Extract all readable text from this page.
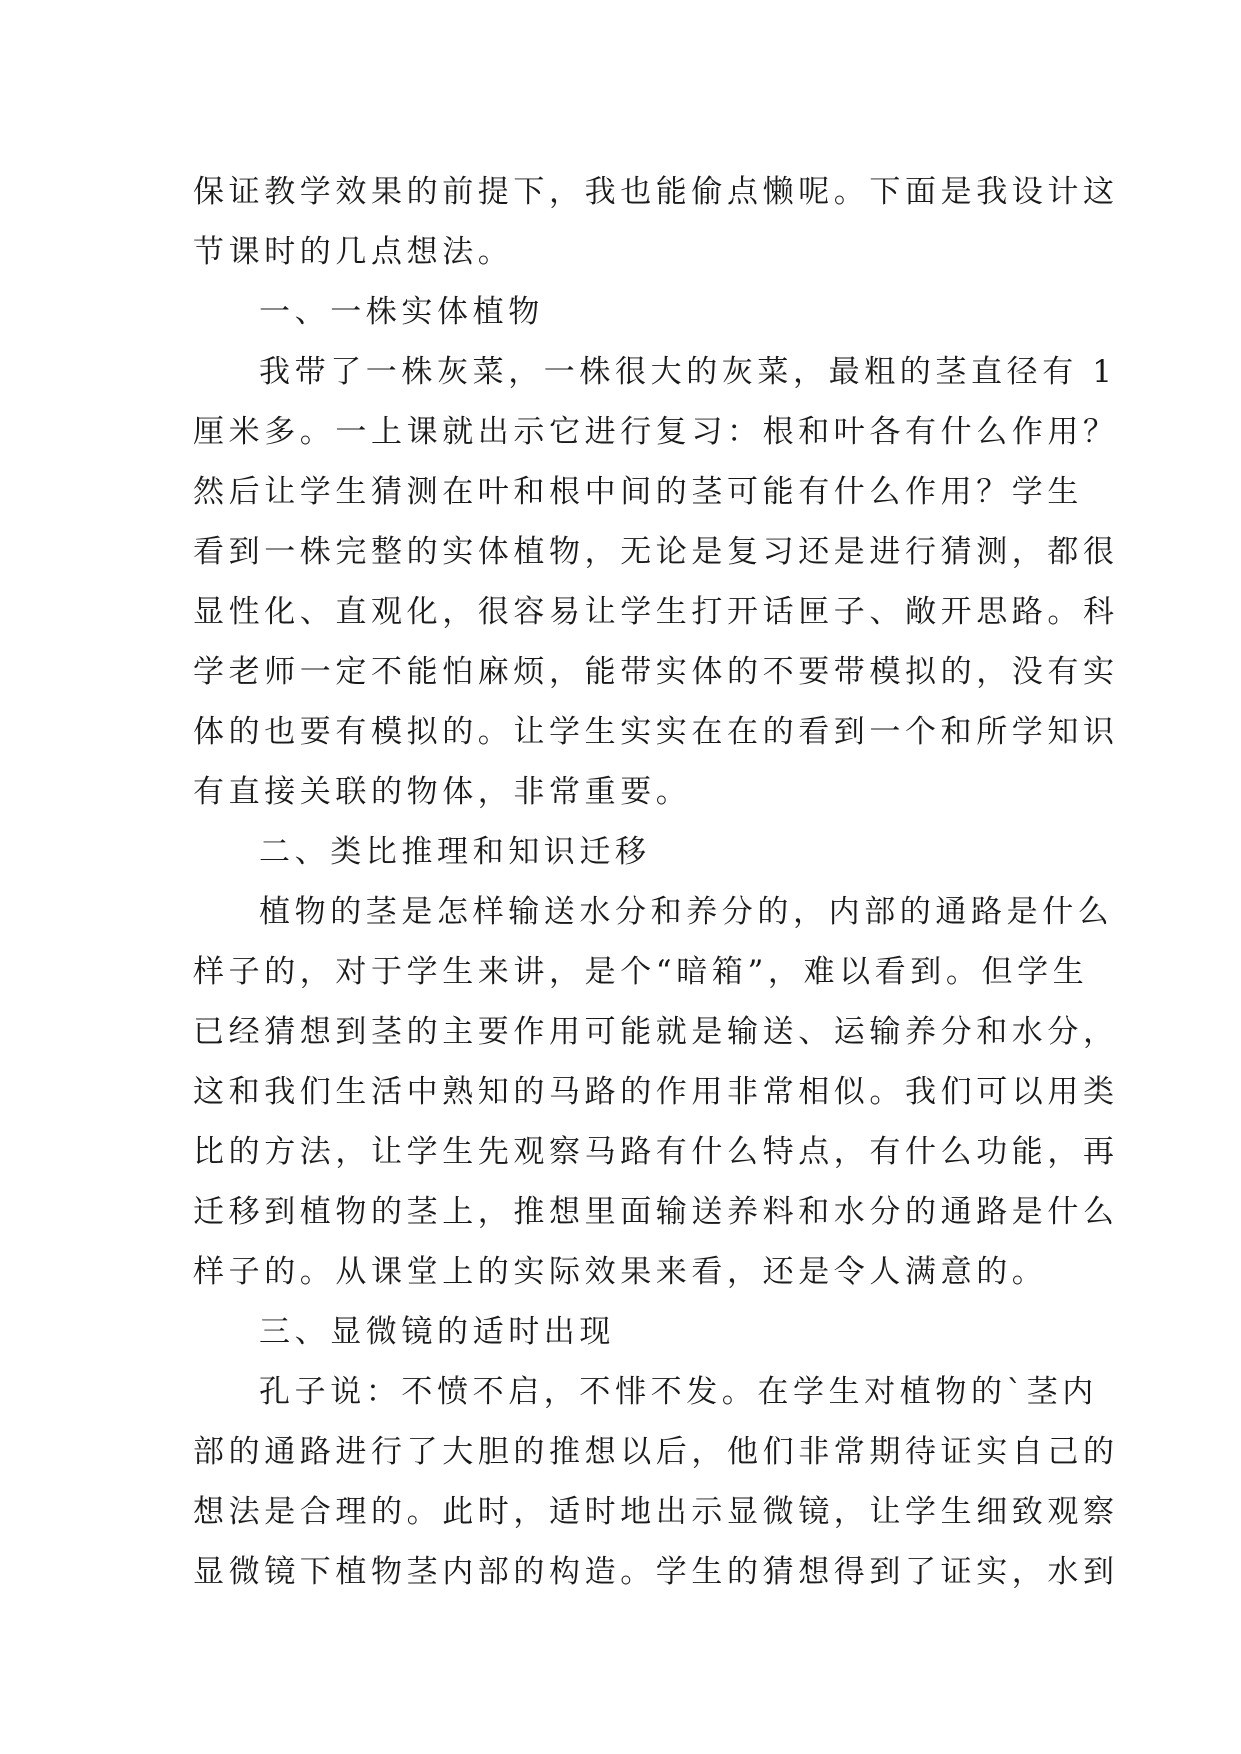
保证教学效果的前提下，我也能偷点懒呢。下面是我设计这
节课时的几点想法。
一、一株实体植物
我带了一株灰菜，一株很大的灰菜，最粗的茎直径有 1
厘米多。一上课就出示它进行复习：根和叶各有什么作用？
然后让学生猜测在叶和根中间的茎可能有什么作用？学生
看到一株完整的实体植物，无论是复习还是进行猜测，都很
显性化、直观化，很容易让学生打开话匣子、敞开思路。科
学老师一定不能怕麻烦，能带实体的不要带模拟的，没有实
体的也要有模拟的。让学生实实在在的看到一个和所学知识
有直接关联的物体，非常重要。
二、类比推理和知识迁移
植物的茎是怎样输送水分和养分的，内部的通路是什么
样子的，对于学生来讲，是个“暗箱”，难以看到。但学生
已经猜想到茎的主要作用可能就是输送、运输养分和水分，
这和我们生活中熟知的马路的作用非常相似。我们可以用类
比的方法，让学生先观察马路有什么特点，有什么功能，再
迁移到植物的茎上，推想里面输送养料和水分的通路是什么
样子的。从课堂上的实际效果来看，还是令人满意的。
三、显微镜的适时出现
孔子说：不愤不启，不悱不发。在学生对植物的`茎内
部的通路进行了大胆的推想以后，他们非常期待证实自己的
想法是合理的。此时，适时地出示显微镜，让学生细致观察
显微镜下植物茎内部的构造。学生的猜想得到了证实，水到
